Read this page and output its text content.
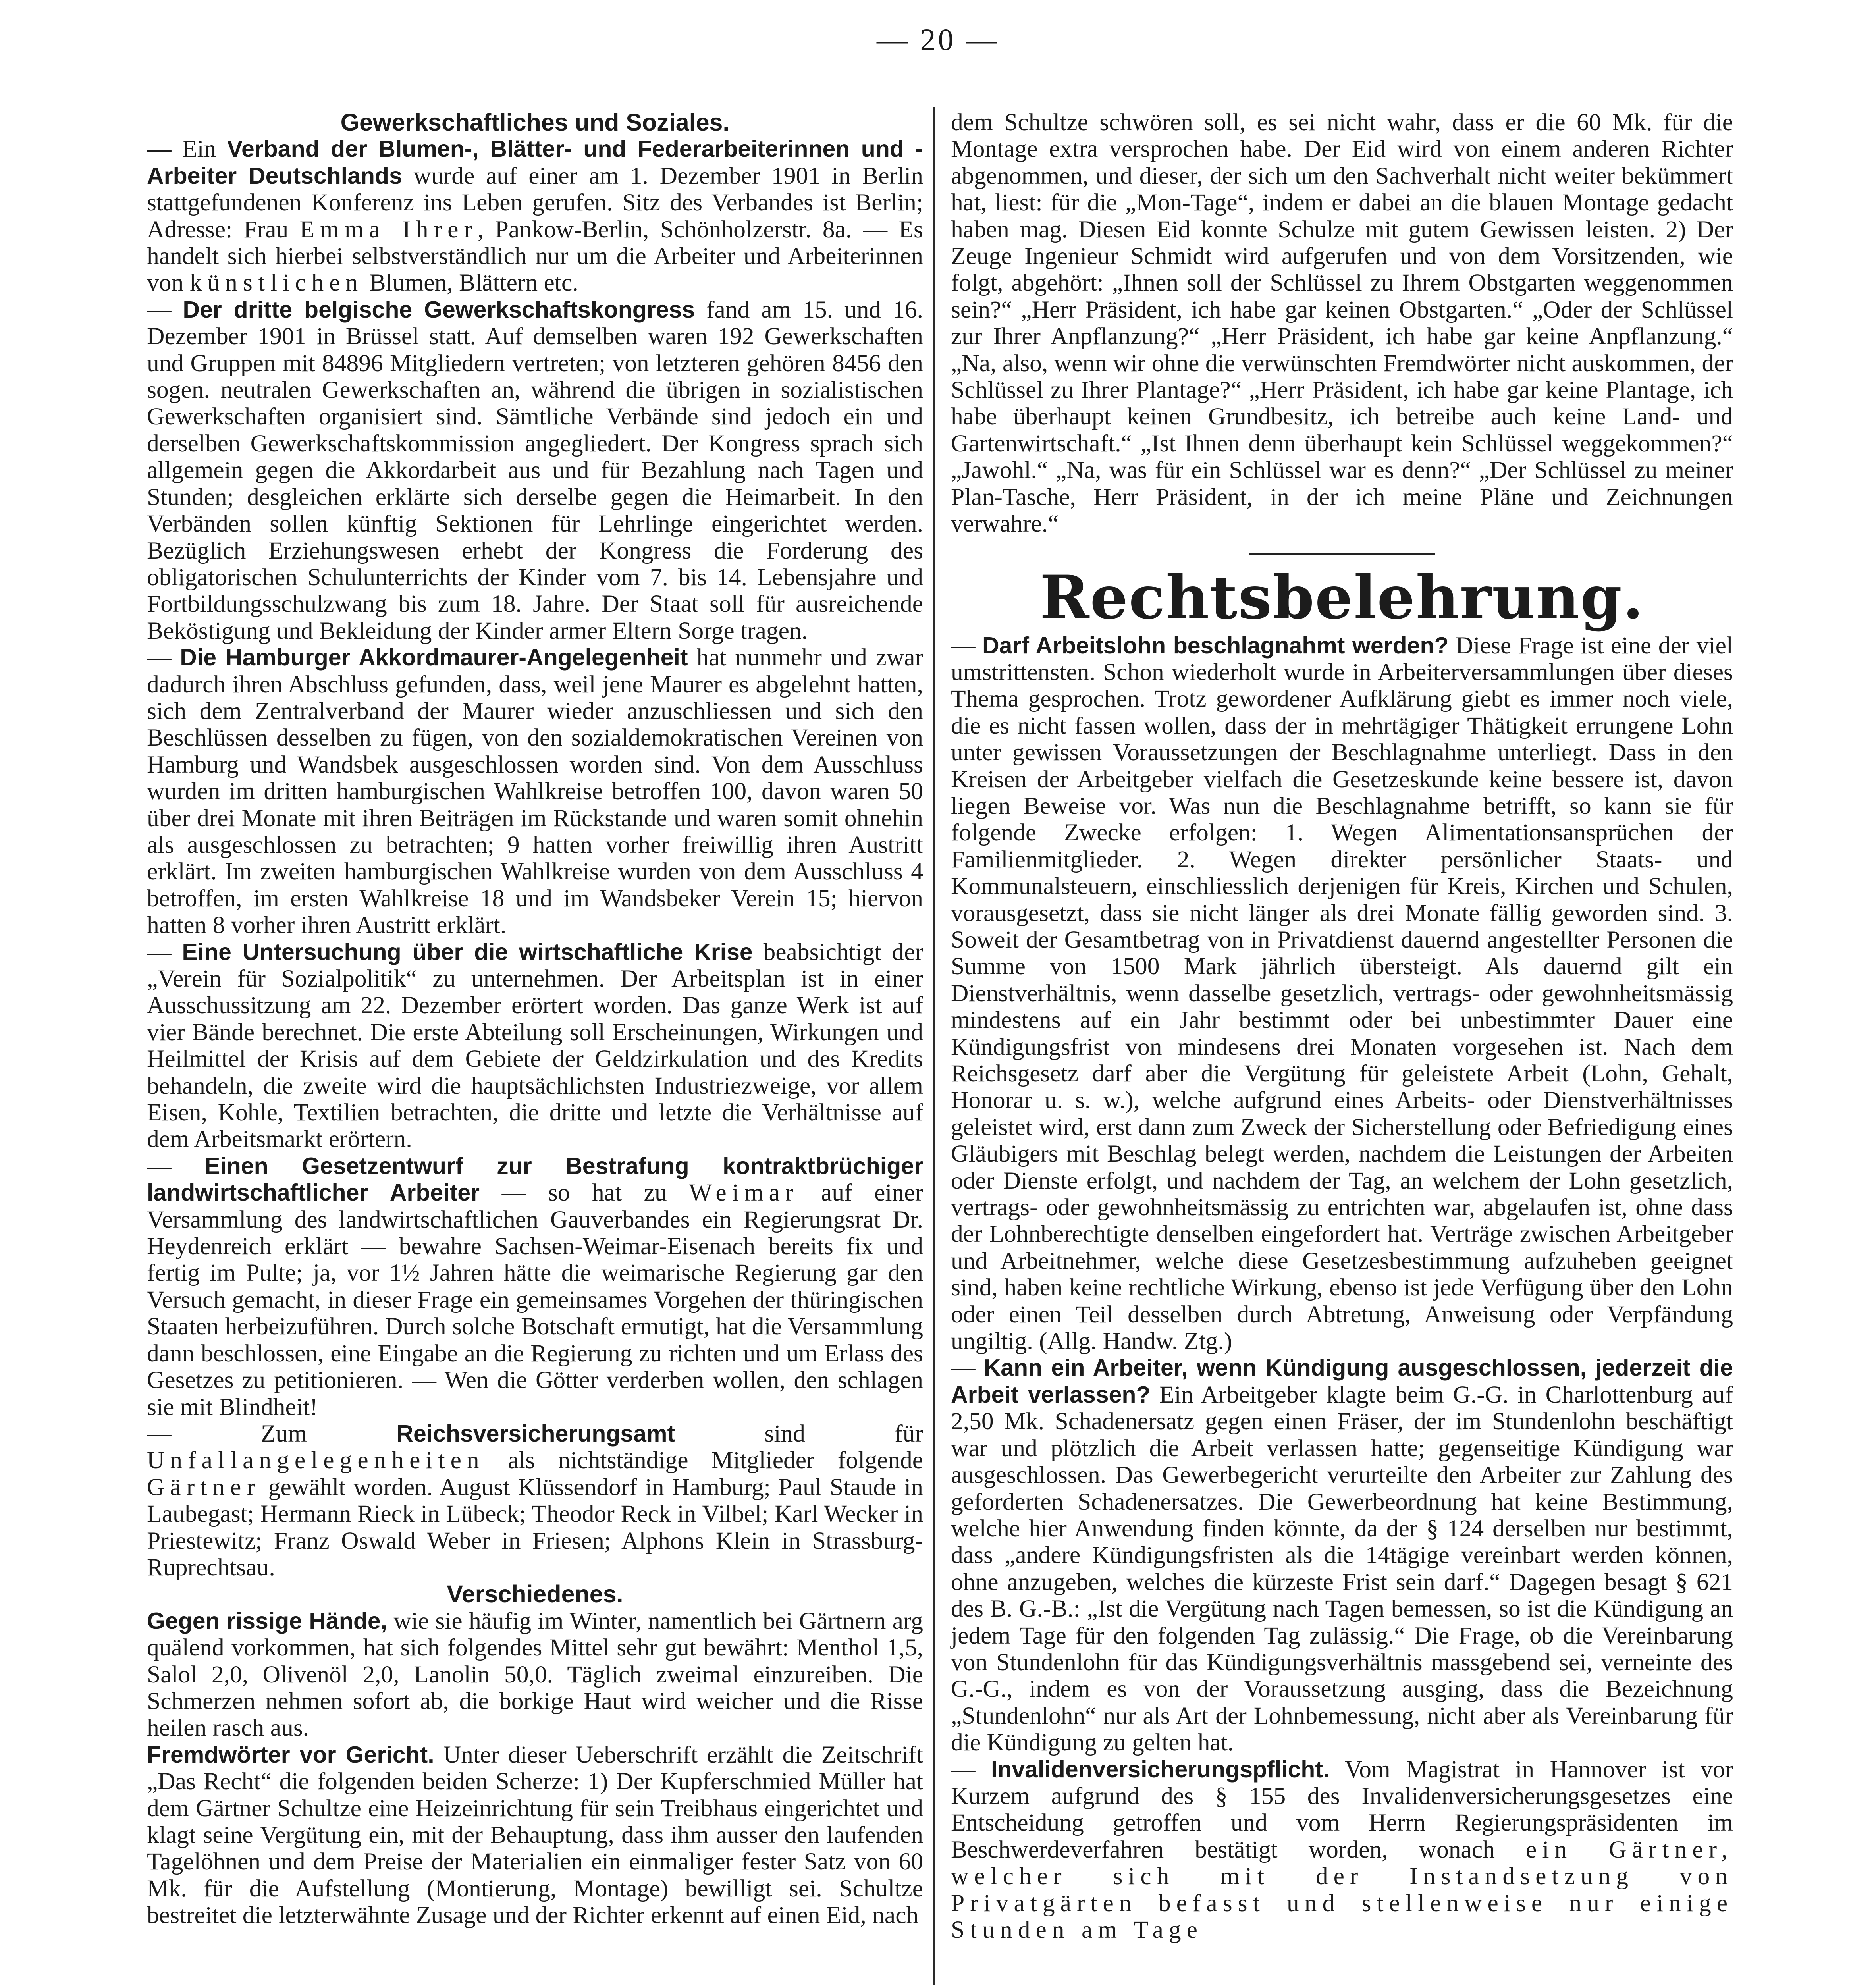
— 20 —

Gewerkschaftliches und Soziales.

— Ein Verband der Blumen-, Blätter- und Federarbeiterinnen und -Arbeiter Deutschlands wurde auf einer am 1. Dezember 1901 in Berlin stattgefundenen Konferenz ins Leben gerufen. Sitz des Verbandes ist Berlin; Adresse: Frau Emma Ihrer, Pankow-Berlin, Schönholzerstr. 8a. — Es handelt sich hierbei selbstverständlich nur um die Arbeiter und Arbeiterinnen von künstlichen Blumen, Blättern etc.

— Der dritte belgische Gewerkschaftskongress fand am 15. und 16. Dezember 1901 in Brüssel statt. Auf demselben waren 192 Gewerkschaften und Gruppen mit 84896 Mitgliedern vertreten; von letzteren gehören 8456 den sogen. neutralen Gewerkschaften an, während die übrigen in sozialistischen Gewerkschaften organisiert sind. Sämtliche Verbände sind jedoch ein und derselben Gewerkschaftskommission angegliedert. Der Kongress sprach sich allgemein gegen die Akkordarbeit aus und für Bezahlung nach Tagen und Stunden; desgleichen erklärte sich derselbe gegen die Heimarbeit. In den Verbänden sollen künftig Sektionen für Lehrlinge eingerichtet werden. Bezüglich Erziehungswesen erhebt der Kongress die Forderung des obligatorischen Schulunterrichts der Kinder vom 7. bis 14. Lebensjahre und Fortbildungsschulzwang bis zum 18. Jahre. Der Staat soll für ausreichende Beköstigung und Bekleidung der Kinder armer Eltern Sorge tragen.

— Die Hamburger Akkordmaurer-Angelegenheit hat nunmehr und zwar dadurch ihren Abschluss gefunden, dass, weil jene Maurer es abgelehnt hatten, sich dem Zentralverband der Maurer wieder anzuschliessen und sich den Beschlüssen desselben zu fügen, von den sozialdemokratischen Vereinen von Hamburg und Wandsbek ausgeschlossen worden sind. Von dem Ausschluss wurden im dritten hamburgischen Wahlkreise betroffen 100, davon waren 50 über drei Monate mit ihren Beiträgen im Rückstande und waren somit ohnehin als ausgeschlossen zu betrachten; 9 hatten vorher freiwillig ihren Austritt erklärt. Im zweiten hamburgischen Wahlkreise wurden von dem Ausschluss 4 betroffen, im ersten Wahlkreise 18 und im Wandsbeker Verein 15; hiervon hatten 8 vorher ihren Austritt erklärt.

— Eine Untersuchung über die wirtschaftliche Krise beabsichtigt der „Verein für Sozialpolitik“ zu unternehmen. Der Arbeitsplan ist in einer Ausschussitzung am 22. Dezember erörtert worden. Das ganze Werk ist auf vier Bände berechnet. Die erste Abteilung soll Erscheinungen, Wirkungen und Heilmittel der Krisis auf dem Gebiete der Geldzirkulation und des Kredits behandeln, die zweite wird die hauptsächlichsten Industriezweige, vor allem Eisen, Kohle, Textilien betrachten, die dritte und letzte die Verhältnisse auf dem Arbeitsmarkt erörtern.

— Einen Gesetzentwurf zur Bestrafung kontraktbrüchiger landwirtschaftlicher Arbeiter — so hat zu Weimar auf einer Versammlung des landwirtschaftlichen Gauverbandes ein Regierungsrat Dr. Heydenreich erklärt — bewahre Sachsen-Weimar-Eisenach bereits fix und fertig im Pulte; ja, vor 1½ Jahren hätte die weimarische Regierung gar den Versuch gemacht, in dieser Frage ein gemeinsames Vorgehen der thüringischen Staaten herbeizuführen. Durch solche Botschaft ermutigt, hat die Versammlung dann beschlossen, eine Eingabe an die Regierung zu richten und um Erlass des Gesetzes zu petitionieren. — Wen die Götter verderben wollen, den schlagen sie mit Blindheit!

— Zum	Reichsversicherungsamt	sind für Unfallangelegenheiten als nichtständige Mitglieder folgende Gärtner gewählt worden. August Klüssendorf in Hamburg; Paul Staude in Laubegast; Hermann Rieck in Lübeck; Theodor Reck in Vilbel; Karl Wecker in Priestewitz; Franz Oswald Weber in Friesen; Alphons Klein in Strassburg-Ruprechtsau.

Verschiedenes.

Gegen rissige Hände, wie sie häufig im Winter, namentlich bei Gärtnern arg quälend vorkommen, hat sich folgendes Mittel sehr gut bewährt: Menthol 1,5, Salol 2,0, Olivenöl 2,0, Lanolin 50,0. Täglich zweimal einzureiben. Die Schmerzen nehmen sofort ab, die borkige Haut wird weicher und die Risse heilen rasch aus.

Fremdwörter vor Gericht. Unter dieser Ueberschrift erzählt die Zeitschrift „Das Recht“ die folgenden beiden Scherze: 1) Der Kupferschmied Müller hat dem Gärtner Schultze eine Heizeinrichtung für sein Treibhaus eingerichtet und klagt seine Vergütung ein, mit der Behauptung, dass ihm ausser den laufenden Tagelöhnen und dem Preise der Materialien ein einmaliger fester Satz von 60 Mk. für die Aufstellung (Montierung, Montage) bewilligt sei. Schultze bestreitet die letzterwähnte Zusage und der Richter erkennt auf einen Eid, nach

dem Schultze schwören soll, es sei nicht wahr, dass er die 60 Mk. für die Montage extra versprochen habe. Der Eid wird von einem anderen Richter abgenommen, und dieser, der sich um den Sachverhalt nicht weiter bekümmert hat, liest: für die „Mon-Tage“, indem er dabei an die blauen Montage gedacht haben mag. Diesen Eid konnte Schulze mit gutem Gewissen leisten. 2) Der Zeuge Ingenieur Schmidt wird aufgerufen und von dem Vorsitzenden, wie folgt, abgehört: „Ihnen soll der Schlüssel zu Ihrem Obstgarten weggenommen sein?“ „Herr Präsident, ich habe gar keinen Obstgarten.“ „Oder der Schlüssel zur Ihrer Anpflanzung?“ „Herr Präsident, ich habe gar keine Anpflanzung.“ „Na, also, wenn wir ohne die verwünschten Fremdwörter nicht auskommen, der Schlüssel zu Ihrer Plantage?“ „Herr Präsident, ich habe gar keine Plantage, ich habe überhaupt keinen Grundbesitz, ich betreibe auch keine Land- und Gartenwirtschaft.“ „Ist Ihnen denn überhaupt kein Schlüssel weggekommen?“ „Jawohl.“ „Na, was für ein Schlüssel war es denn?“ „Der Schlüssel zu meiner Plan-Tasche, Herr Präsident, in der ich meine Pläne und Zeichnungen verwahre.“

Rechtsbelehrung.

— Darf Arbeitslohn beschlagnahmt werden? Diese Frage ist eine der viel umstrittensten. Schon wiederholt wurde in Arbeiterversammlungen über dieses Thema gesprochen. Trotz gewordener Aufklärung giebt es immer noch viele, die es nicht fassen wollen, dass der in mehrtägiger Thätigkeit errungene Lohn unter gewissen Voraussetzungen der Beschlagnahme unterliegt. Dass in den Kreisen der Arbeitgeber vielfach die Gesetzeskunde keine bessere ist, davon liegen Beweise vor. Was nun die Beschlagnahme betrifft, so kann sie für folgende Zwecke erfolgen: 1. Wegen Alimentationsansprüchen der Familienmitglieder. 2. Wegen direkter persönlicher Staats- und Kommunalsteuern, einschliesslich derjenigen für Kreis, Kirchen und Schulen, vorausgesetzt, dass sie nicht länger als drei Monate fällig geworden sind. 3. Soweit der Gesamtbetrag von in Privatdienst dauernd angestellter Personen die Summe von 1500 Mark jährlich übersteigt. Als dauernd gilt ein Dienstverhältnis, wenn dasselbe gesetzlich, vertrags- oder gewohnheitsmässig mindestens auf ein Jahr bestimmt oder bei unbestimmter Dauer eine Kündigungsfrist von mindesens drei Monaten vorgesehen ist. Nach dem Reichsgesetz darf aber die Vergütung für geleistete Arbeit (Lohn, Gehalt, Honorar u. s. w.), welche aufgrund eines Arbeits- oder Dienstverhältnisses geleistet wird, erst dann zum Zweck der Sicherstellung oder Befriedigung eines Gläubigers mit Beschlag belegt werden, nachdem die Leistungen der Arbeiten oder Dienste erfolgt, und nachdem der Tag, an welchem der Lohn gesetzlich, vertrags- oder gewohnheitsmässig zu entrichten war, abgelaufen ist, ohne dass der Lohnberechtigte denselben eingefordert hat. Verträge zwischen Arbeitgeber und Arbeitnehmer, welche diese Gesetzesbestimmung aufzuheben geeignet sind, haben keine rechtliche Wirkung, ebenso ist jede Verfügung über den Lohn oder einen Teil desselben durch Abtretung, Anweisung oder Verpfändung ungiltig. (Allg. Handw. Ztg.)

— Kann ein Arbeiter, wenn Kündigung ausgeschlossen, jederzeit die Arbeit verlassen? Ein Arbeitgeber klagte beim G.-G. in Charlottenburg auf 2,50 Mk. Schadenersatz gegen einen Fräser, der im Stundenlohn beschäftigt war und plötzlich die Arbeit verlassen hatte; gegenseitige Kündigung war ausgeschlossen. Das Gewerbegericht verurteilte den Arbeiter zur Zahlung des geforderten Schadenersatzes. Die Gewerbeordnung hat keine Bestimmung, welche hier Anwendung finden könnte, da der § 124 derselben nur bestimmt, dass „andere Kündigungsfristen als die 14tägige vereinbart werden können, ohne anzugeben, welches die kürzeste Frist sein darf.“ Dagegen besagt § 621 des B. G.-B.: „Ist die Vergütung nach Tagen bemessen, so ist die Kündigung an jedem Tage für den folgenden Tag zulässig.“ Die Frage, ob die Vereinbarung von Stundenlohn für das Kündigungsverhältnis massgebend sei, verneinte des G.-G., indem es von der Voraussetzung ausging, dass die Bezeichnung „Stundenlohn“ nur als Art der Lohnbemessung, nicht aber als Vereinbarung für die Kündigung zu gelten hat.

— Invalidenversicherungspflicht. Vom Magistrat in Hannover ist vor Kurzem aufgrund des § 155 des Invalidenversicherungsgesetzes eine Entscheidung getroffen und vom Herrn Regierungspräsidenten im Beschwerdeverfahren bestätigt worden, wonach ein Gärtner, welcher sich mit der Instandsetzung von Privatgärten befasst und stellenweise nur einige Stunden am Tage
